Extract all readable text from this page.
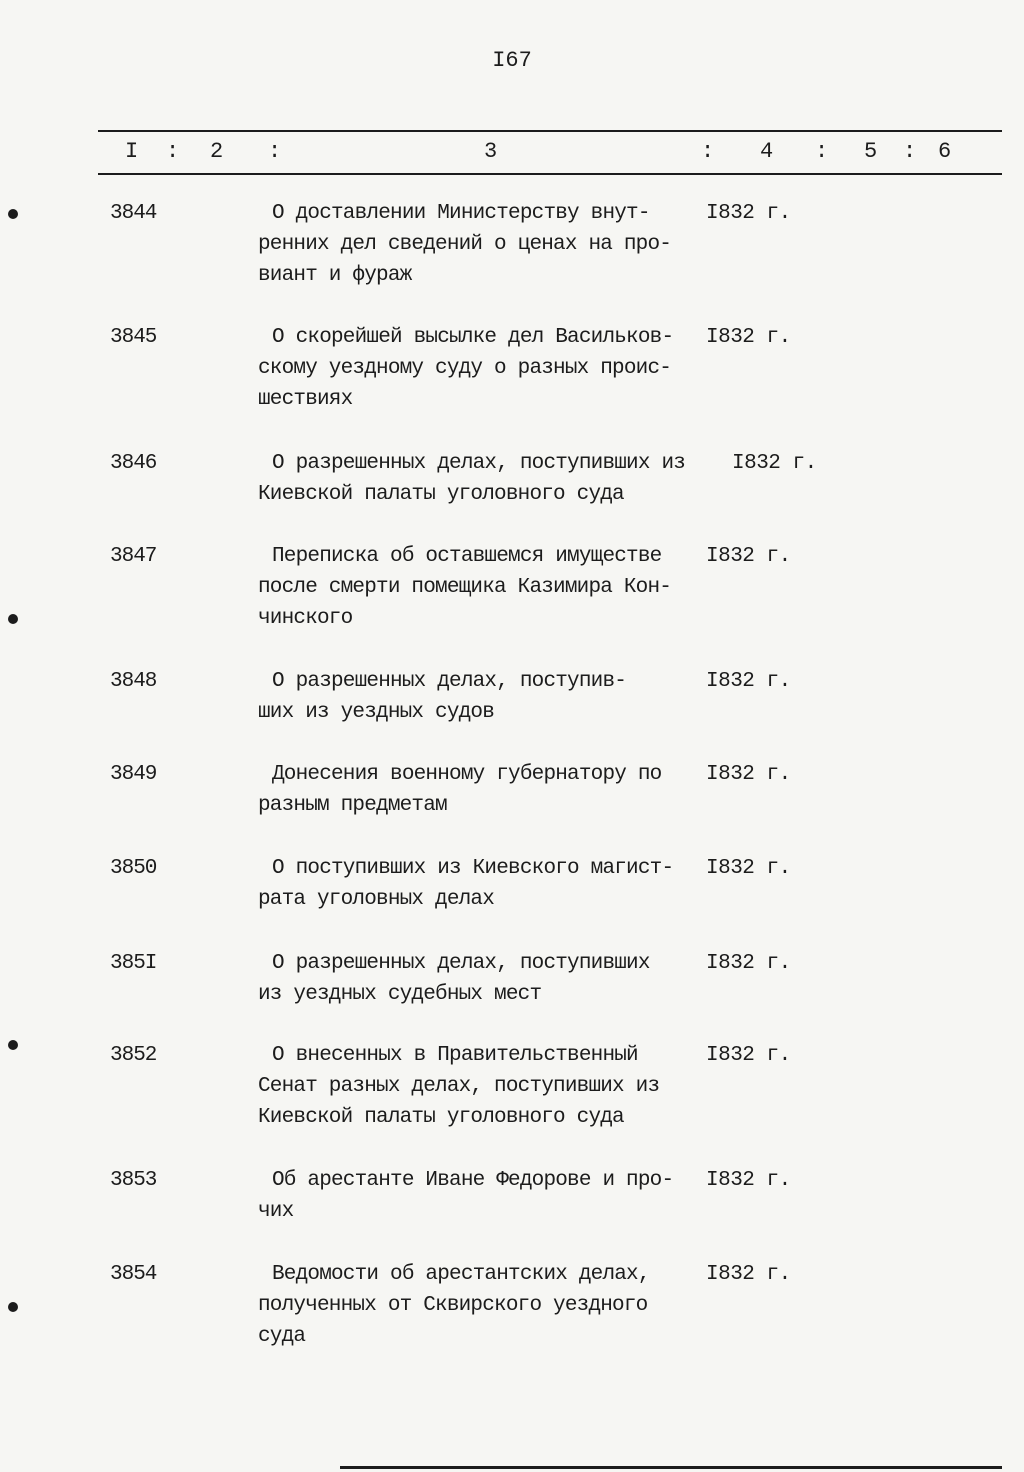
I67
I : 2 :	3	: 4 : 5 : 6
3844	О доставлении Министерству внут-
ренних дел сведений о ценах на про-
виант и фураж
I832 г.
3845	О скорейшей высылке дел Васильков-
скому уездному суду о разных проис-
шествиях
I832 г.
3846	О разрешенных делах, поступивших из
Киевской палаты уголовного суда
I832 г.
3847	Переписка об оставшемся имуществе
после смерти помещика Казимира Кон-
чинского
I832 г.
3848	О разрешенных делах, поступив-
ших из уездных судов
I832 г.
3849	Донесения военному губернатору по
разным предметам
I832 г.
3850	О поступивших из Киевского магист-
рата уголовных делах
I832 г.
385I	О разрешенных делах, поступивших
из уездных судебных мест
I832 г.
3852	О внесенных в Правительственный
Сенат разных делах, поступивших из
Киевской палаты уголовного суда
I832 г.
3853	Об арестанте Иване Федорове и про-
чих
I832 г.
3854	Ведомости об арестантских делах,
полученных от Сквирского уездного
суда
I832 г.
